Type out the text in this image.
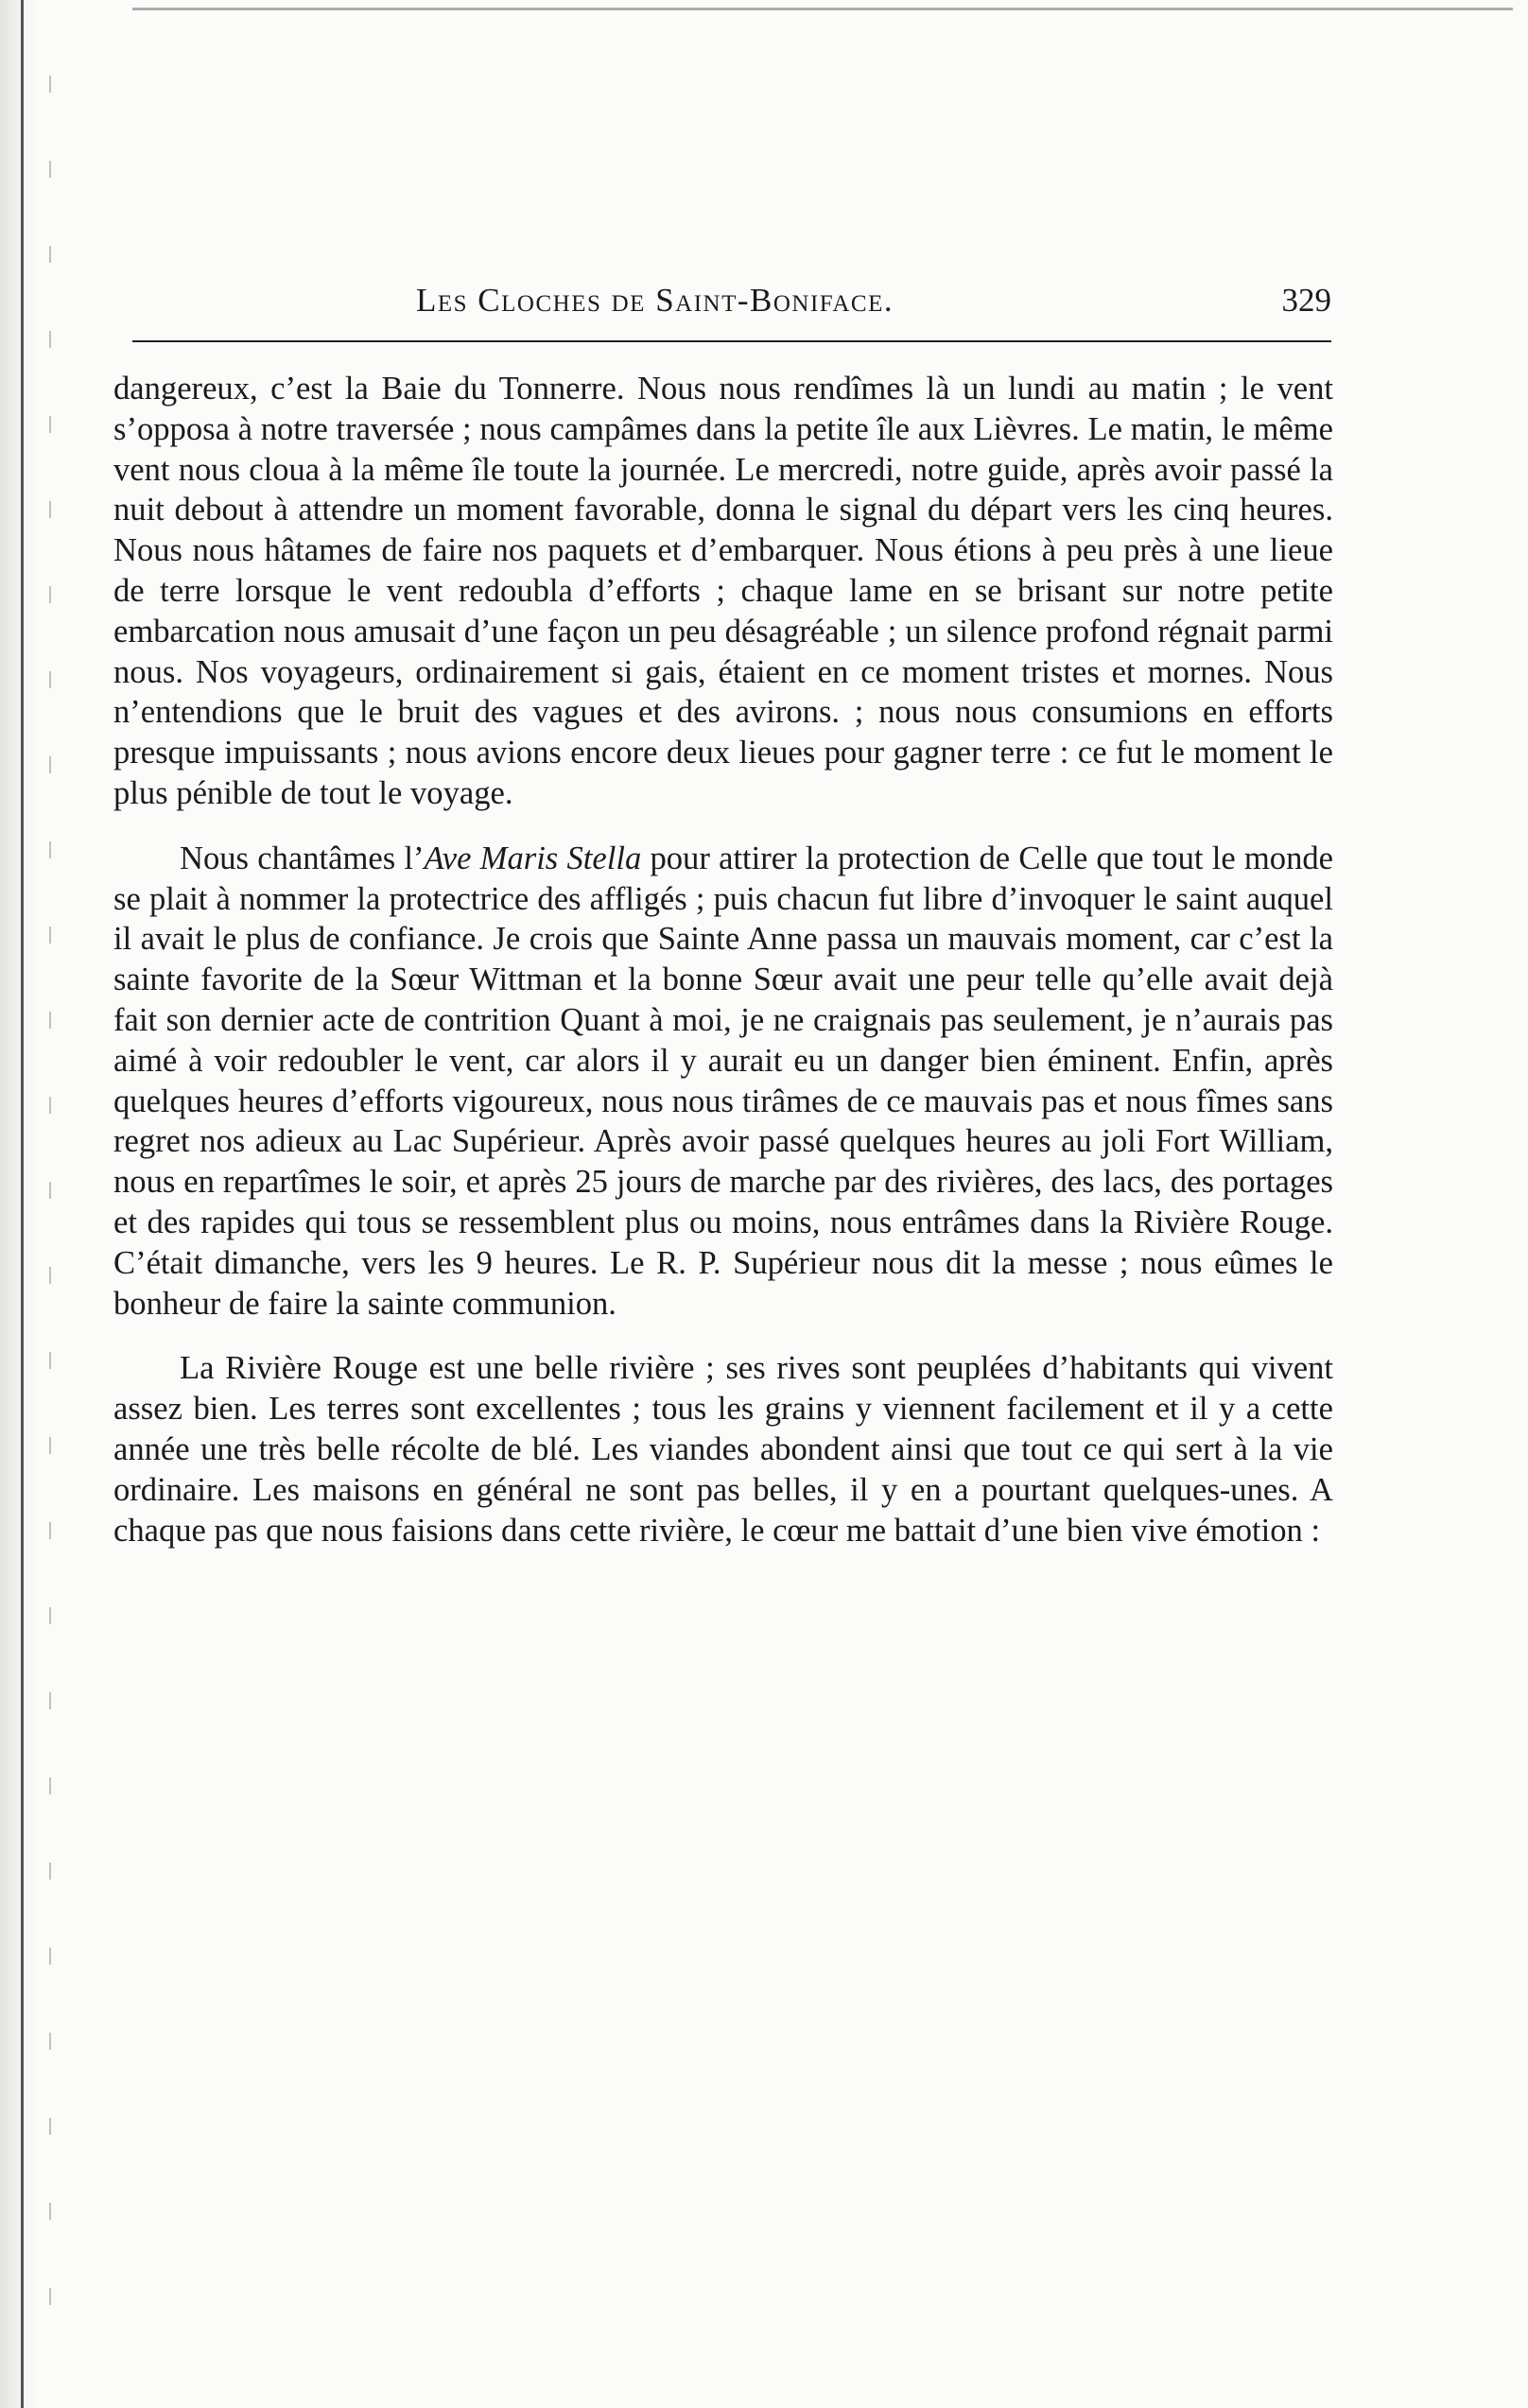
Les Cloches de Saint-Boniface.	329

dangereux, c’est la Baie du Tonnerre. Nous nous rendîmes là un lundi au matin ; le vent s’opposa à notre traversée ; nous campâmes dans la petite île aux Lièvres. Le matin, le même vent nous cloua à la même île toute la journée. Le mercredi, notre guide, après avoir passé la nuit debout à attendre un moment favorable, donna le signal du départ vers les cinq heures. Nous nous hâtames de faire nos paquets et d’embarquer. Nous étions à peu près à une lieue de terre lorsque le vent redoubla d’efforts ; chaque lame en se brisant sur notre petite embarcation nous amusait d’une façon un peu désagréable ; un silence profond régnait parmi nous. Nos voyageurs, ordinairement si gais, étaient en ce moment tristes et mornes. Nous n’entendions que le bruit des vagues et des avirons. ; nous nous consumions en efforts presque impuissants ; nous avions encore deux lieues pour gagner terre : ce fut le moment le plus pénible de tout le voyage.

Nous chantâmes l’Ave Maris Stella pour attirer la protection de Celle que tout le monde se plait à nommer la protectrice des affligés ; puis chacun fut libre d’invoquer le saint auquel il avait le plus de confiance. Je crois que Sainte Anne passa un mauvais moment, car c’est la sainte favorite de la Sœur Wittman et la bonne Sœur avait une peur telle qu’elle avait dejà fait son dernier acte de contrition Quant à moi, je ne craignais pas seulement, je n’aurais pas aimé à voir redoubler le vent, car alors il y aurait eu un danger bien éminent. Enfin, après quelques heures d’efforts vigoureux, nous nous tirâmes de ce mauvais pas et nous fîmes sans regret nos adieux au Lac Supérieur. Après avoir passé quelques heures au joli Fort William, nous en repartîmes le soir, et après 25 jours de marche par des rivières, des lacs, des portages et des rapides qui tous se ressemblent plus ou moins, nous entrâmes dans la Rivière Rouge. C’était dimanche, vers les 9 heures. Le R. P. Supérieur nous dit la messe ; nous eûmes le bonheur de faire la sainte communion.

La Rivière Rouge est une belle rivière ; ses rives sont peuplées d’habitants qui vivent assez bien. Les terres sont excellentes ; tous les grains y viennent facilement et il y a cette année une très belle récolte de blé. Les viandes abondent ainsi que tout ce qui sert à la vie ordinaire. Les maisons en général ne sont pas belles, il y en a pourtant quelques-unes. A chaque pas que nous faisions dans cette rivière, le cœur me battait d’une bien vive émotion :
